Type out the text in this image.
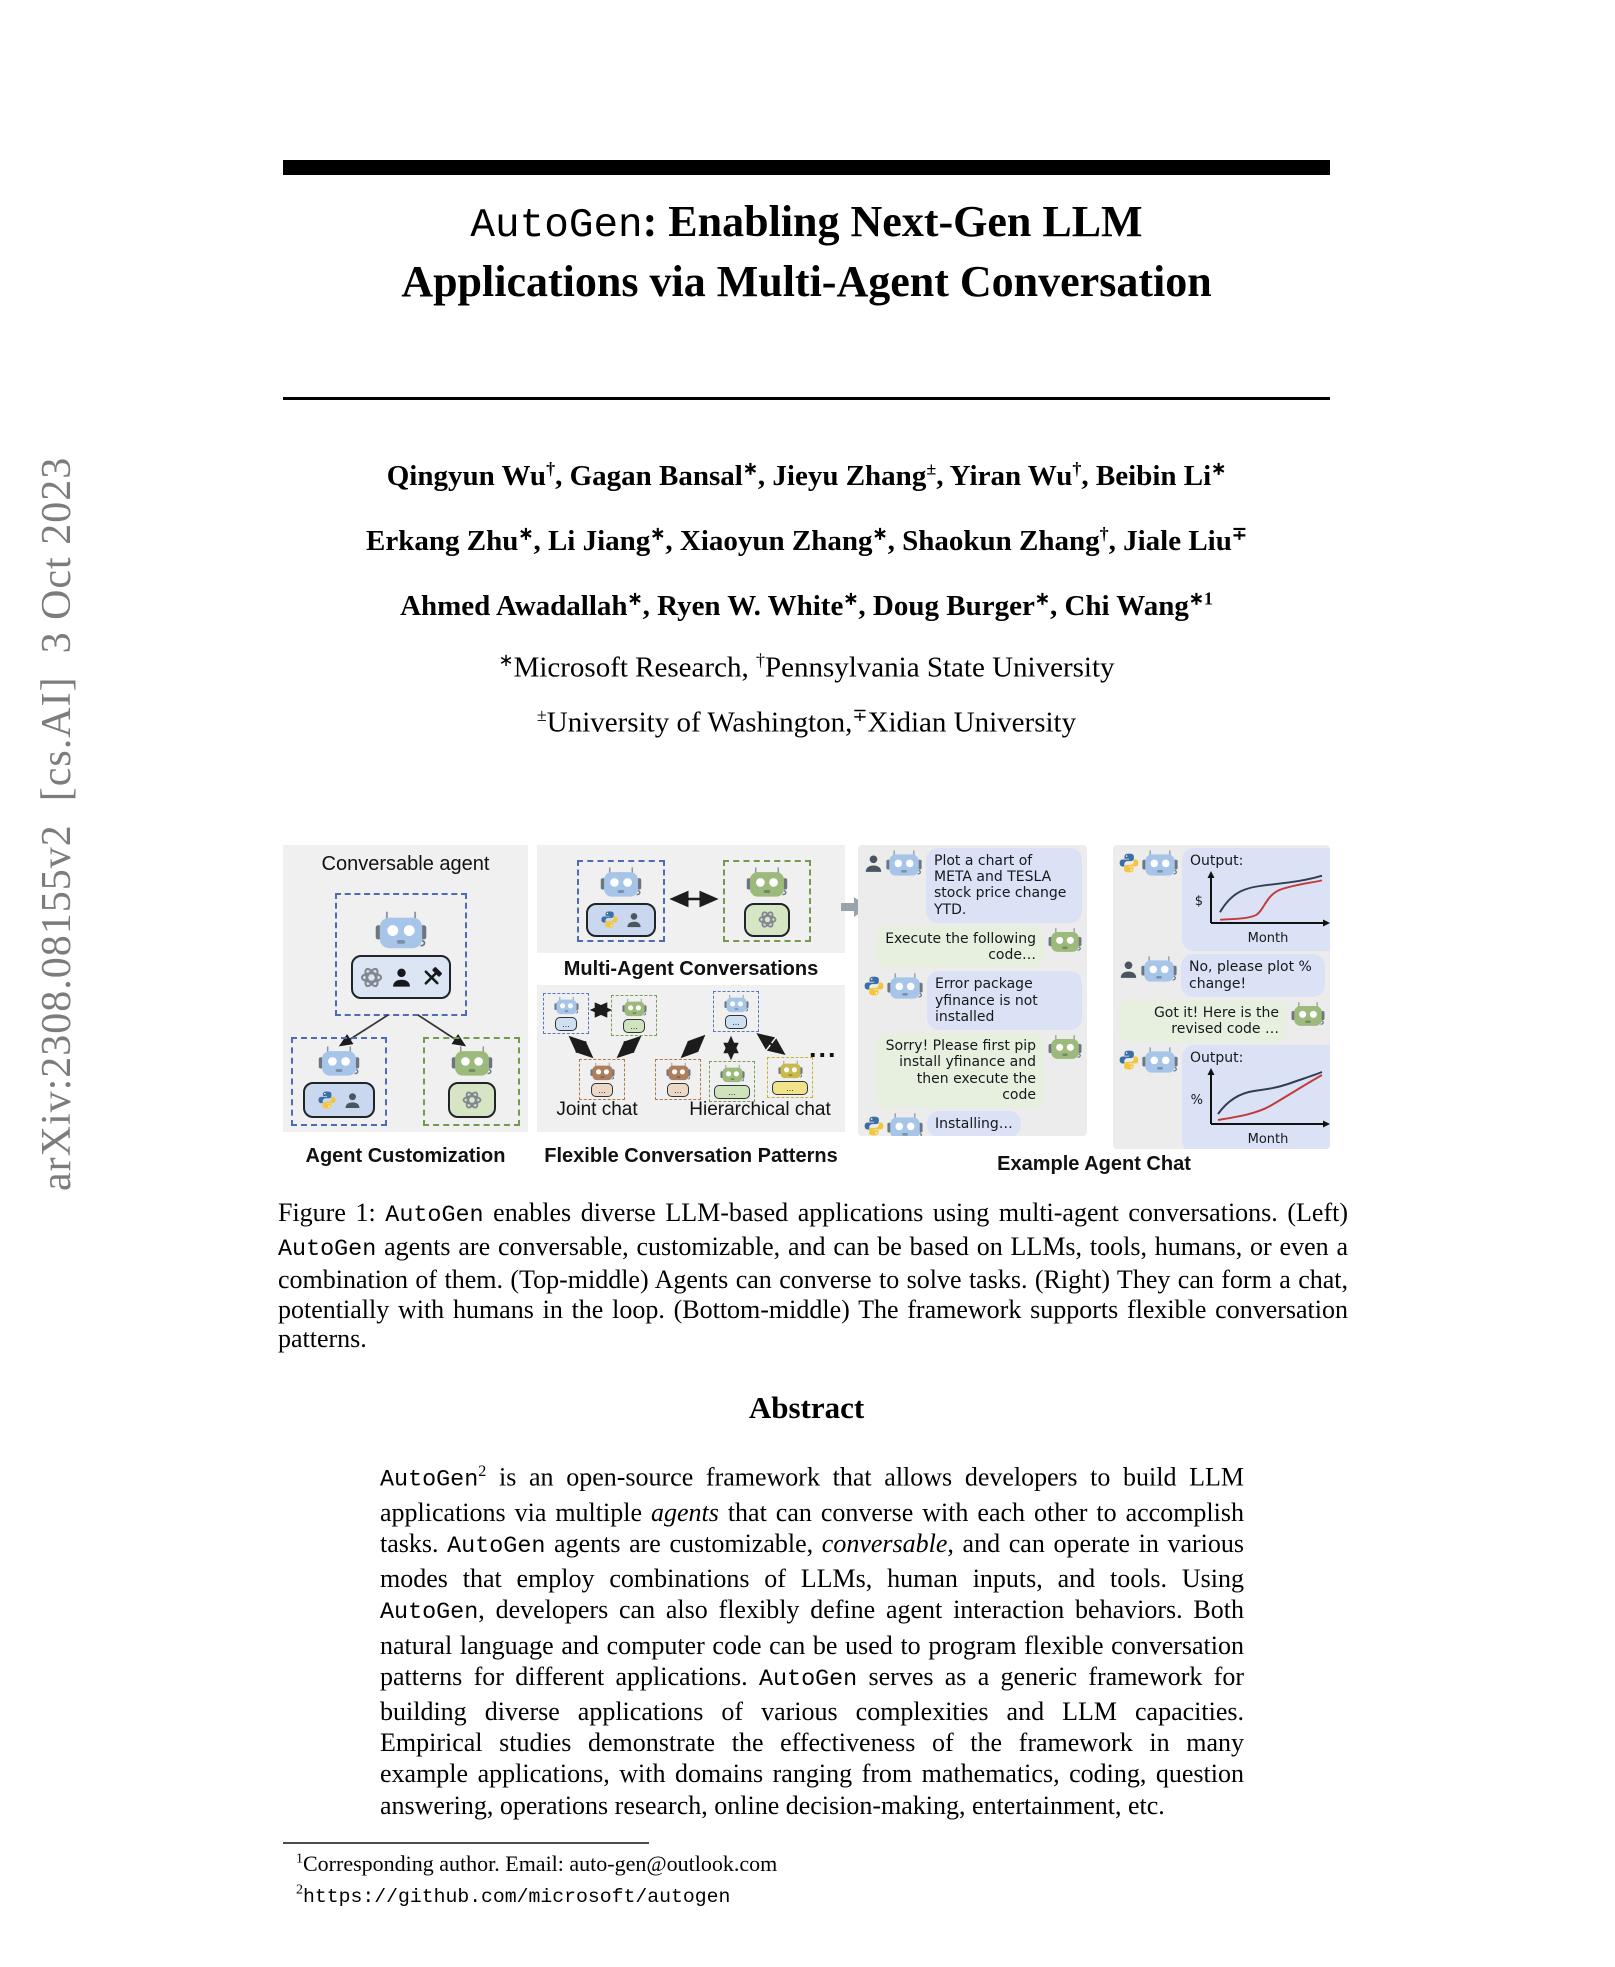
arXiv:2308.08155v2  [cs.AI]  3 Oct 2023
AutoGen: Enabling Next-Gen LLM
Applications via Multi-Agent Conversation
Qingyun Wu†, Gagan Bansal∗, Jieyu Zhang±, Yiran Wu†, Beibin Li∗
Erkang Zhu∗, Li Jiang∗, Xiaoyun Zhang∗, Shaokun Zhang†, Jiale Liu∓
Ahmed Awadallah∗, Ryen W. White∗, Doug Burger∗, Chi Wang$^{∗1}$
∗Microsoft Research, †Pennsylvania State University
±University of Washington,∓Xidian University
Conversable agent
Agent Customization
Multi-Agent Conversations
...
Joint chat	Hierarchical chat
...	...
...
...
...	...	...
Flexible Conversation Patterns
Plot a chart of META and TESLA stock price change YTD.
Execute the following code…
Error package yfinance is not installed
Sorry! Please first pip install yfinance and then execute the code
Installing…
Output:
$
Month
No, please plot % change!
Got it! Here is the revised code …
Output:
%
Month
Example Agent Chat
Figure 1: AutoGen enables diverse LLM-based applications using multi-agent conversations. (Left) AutoGen agents are conversable, customizable, and can be based on LLMs, tools, humans, or even a combination of them. (Top-middle) Agents can converse to solve tasks. (Right) They can form a chat, potentially with humans in the loop. (Bottom-middle) The framework supports flexible conversation patterns.
Abstract
AutoGen$^2$ is an open-source framework that allows developers to build LLM applications via multiple agents that can converse with each other to accomplish tasks. AutoGen agents are customizable, conversable, and can operate in various modes that employ combinations of LLMs, human inputs, and tools. Using AutoGen, developers can also flexibly define agent interaction behaviors. Both natural language and computer code can be used to program flexible conversation patterns for different applications. AutoGen serves as a generic framework for building diverse applications of various complexities and LLM capacities. Empirical studies demonstrate the effectiveness of the framework in many example applications, with domains ranging from mathematics, coding, question answering, operations research, online decision-making, entertainment, etc.
$^1$Corresponding author. Email: auto-gen@outlook.com
$^2$https://github.com/microsoft/autogen
